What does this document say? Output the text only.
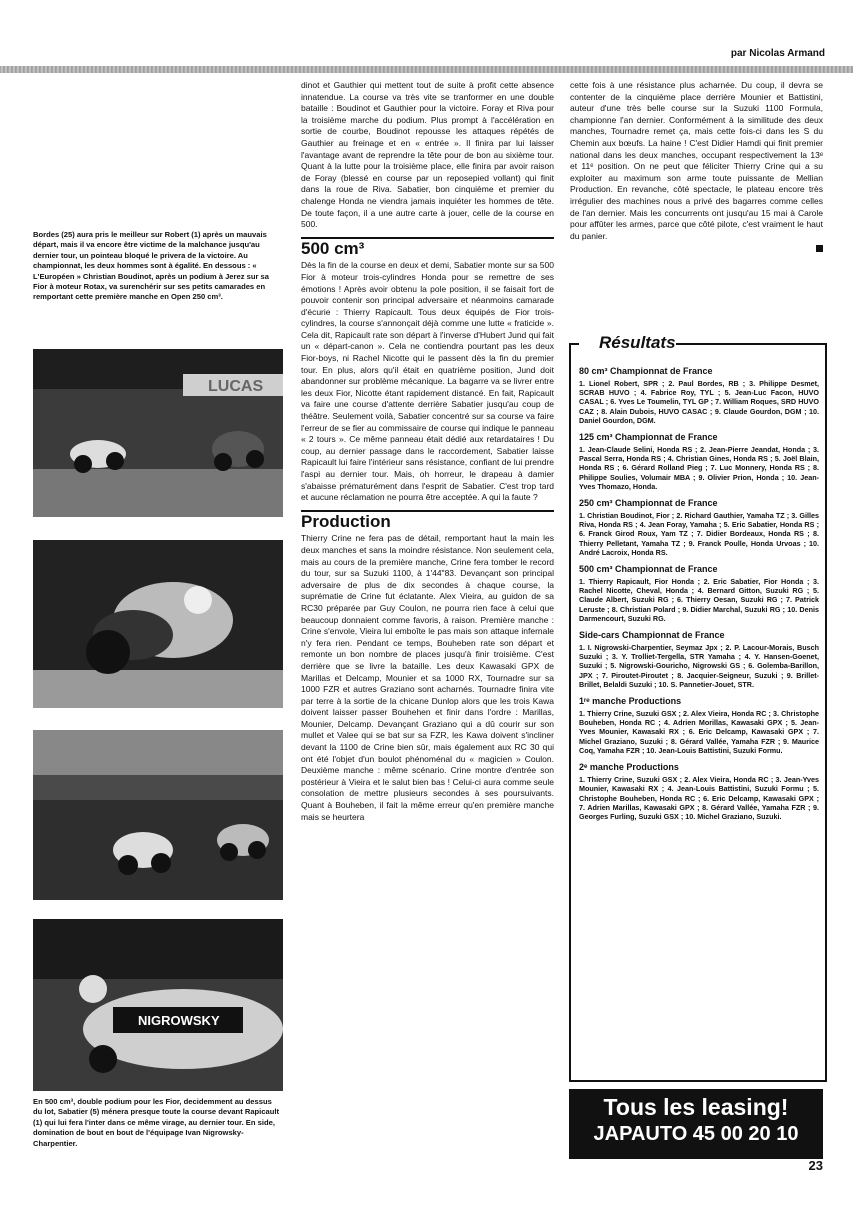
par Nicolas Armand
Bordes (25) aura pris le meilleur sur Robert (1) après un mauvais départ, mais il va encore être victime de la malchance jusqu'au dernier tour, un pointeau bloqué le privera de la victoire. Au championnat, les deux hommes sont à égalité. En dessous : « L'Européen » Christian Boudinot, après un podium à Jerez sur sa Fior à moteur Rotax, va surenchérir sur ses petits camarades en remportant cette première manche en Open 250 cm³.
LUCAS
NIGROWSKY
En 500 cm³, double podium pour les Fior, decidemment au dessus du lot, Sabatier (5) ménera presque toute la course devant Rapicault (1) qui lui fera l'inter dans ce même virage, au dernier tour. En side, domination de bout en bout de l'équipage Ivan Nigrowsky-Charpentier.

dinot et Gauthier qui mettent tout de suite à profit cette absence innatendue. La course va très vite se tranformer en une double bataille : Boudinot et Gauthier pour la victoire. Foray et Riva pour la troisième marche du podium. Plus prompt à l'accélération en sortie de courbe, Boudinot repousse les attaques répétés de Gauthier au freinage et en « entrée ». Il finira par lui laisser l'avantage avant de reprendre la tête pour de bon au sixième tour. Quant à la lutte pour la troisième place, elle finira par avoir raison de Foray (blessé en course par un reposepied vollant) qui finit dans la roue de Riva. Sabatier, bon cinquième et premier du chalenge Honda ne viendra jamais inquiéter les hommes de tête. De toute façon, il a une autre carte à jouer, celle de la course en 500.

500 cm³

Dès la fin de la course en deux et demi, Sabatier monte sur sa 500 Fior à moteur trois-cylindres Honda pour se remettre de ses émotions ! Après avoir obtenu la pole position, il se faisait fort de pouvoir contenir son principal adversaire et néanmoins camarade d'écurie : Thierry Rapicault. Tous deux équipés de Fior trois-cylindres, la course s'annonçait déjà comme une lutte « fraticide ». Cela dit, Rapicault rate son départ à l'inverse d'Hubert Jund qui fait un « départ-canon ». Cela ne contiendra pourtant pas les deux Fior-boys, ni Rachel Nicotte qui le passent dès la fin du premier tour. En plus, alors qu'il était en quatrième position, Jund doit abandonner sur problème mécanique. La bagarre va se livrer entre les deux Fior, Nicotte étant rapidement distancé. En fait, Rapicault va faire une course d'attente derrière Sabatier jusqu'au coup de théâtre. Seulement voilà, Sabatier concentré sur sa course va faire l'erreur de se fier au commissaire de course qui indique le panneau « 2 tours ». Ce même panneau était dédié aux retardataires ! Du coup, au dernier passage dans le raccordement, Sabatier laisse Rapicault lui faire l'intérieur sans résistance, confiant de lui prendre l'aspi au dernier tour. Mais, oh horreur, le drapeau à damier s'abaisse prématurément dans l'esprit de Sabatier. C'est trop tard et aucune réclamation ne pourra être acceptée. A qui la faute ?

Production

Thierry Crine ne fera pas de détail, remportant haut la main les deux manches et sans la moindre résistance. Non seulement cela, mais au cours de la première manche, Crine fera tomber le record du tour, sur sa Suzuki 1100, à 1'44"83. Devançant son principal adversaire de plus de dix secondes à chaque course, la suprématie de Crine fut éclatante. Alex Vieira, au guidon de sa RC30 préparée par Guy Coulon, ne pourra rien face à celui que beaucoup donnaient comme favoris, à raison. Première manche : Crine s'envole, Vieira lui emboîte le pas mais son attaque infernale n'y fera rien. Pendant ce temps, Bouheben rate son départ et remonte un bon nombre de places jusqu'à finir troisième. C'est derrière que se livre la bataille. Les deux Kawasaki GPX de Marillas et Delcamp, Mounier et sa 1000 RX, Tournadre sur sa 1000 FZR et autres Graziano sont acharnés. Tournadre finira vite par terre à la sortie de la chicane Dunlop alors que les trois Kawa doivent laisser passer Bouhehen et finir dans l'ordre : Marillas, Mounier, Delcamp. Devançant Graziano qui a dû courir sur son mullet et Valee qui se bat sur sa FZR, les Kawa doivent s'incliner devant la 1100 de Crine bien sûr, mais également aux RC 30 qui ont été l'objet d'un boulot phénoménal du « magicien » Coulon. Deuxième manche : même scénario. Crine montre d'entrée son postérieur à Vieira et le salut bien bas ! Celui-ci aura comme seule consolation de mettre plusieurs secondes à ses poursuivants. Quant à Bouheben, il fait la même erreur qu'en première manche mais se heurtera

cette fois à une résistance plus acharnée. Du coup, il devra se contenter de la cinquième place derrière Mounier et Battistini, auteur d'une très belle course sur la Suzuki 1100 Formula, championne l'an dernier. Conformément à la similitude des deux manches, Tournadre remet ça, mais cette fois-ci dans les S du Chemin aux bœufs. La haine ! C'est Didier Hamdi qui finit premier national dans les deux manches, occupant respectivement la 13ᵉ et 11ᵉ position. On ne peut que féliciter Thierry Crine qui a su exploiter au maximum son arme toute puissante de Mellian Production. En revanche, côté spectacle, le plateau encore très irrégulier des machines nous a privé des bagarres comme celles de l'an dernier. Mais les concurrents ont jusqu'au 15 mai à Carole pour affûter les armes, parce que côté pilote, c'est vraiment le haut du panier.

Résultats
80 cm³ Championnat de France
1. Lionel Robert, SPR ; 2. Paul Bordes, RB ; 3. Philippe Desmet, SCRAB HUVO ; 4. Fabrice Roy, TYL ; 5. Jean-Luc Facon, HUVO CASAL ; 6. Yves Le Toumelin, TYL GP ; 7. William Roques, SRD HUVO CAZ ; 8. Alain Dubois, HUVO CASAC ; 9. Claude Gourdon, DGM ; 10. Daniel Gourdon, DGM.
125 cm³ Championnat de France
1. Jean-Claude Selini, Honda RS ; 2. Jean-Pierre Jeandat, Honda ; 3. Pascal Serra, Honda RS ; 4. Christian Gines, Honda RS ; 5. Joël Blain, Honda RS ; 6. Gérard Rolland Pieg ; 7. Luc Monnery, Honda RS ; 8. Philippe Soulies, Volumair MBA ; 9. Olivier Prion, Honda ; 10. Jean-Yves Thomazo, Honda.
250 cm³ Championnat de France
1. Christian Boudinot, Fior ; 2. Richard Gauthier, Yamaha TZ ; 3. Gilles Riva, Honda RS ; 4. Jean Foray, Yamaha ; 5. Eric Sabatier, Honda RS ; 6. Franck Girod Roux, Yam TZ ; 7. Didier Bordeaux, Honda RS ; 8. Thierry Pelletant, Yamaha TZ ; 9. Franck Poulle, Honda Urvoas ; 10. André Lacroix, Honda RS.
500 cm³ Championnat de France
1. Thierry Rapicault, Fior Honda ; 2. Eric Sabatier, Fior Honda ; 3. Rachel Nicotte, Cheval, Honda ; 4. Bernard Gitton, Suzuki RG ; 5. Claude Albert, Suzuki RG ; 6. Thierry Oesan, Suzuki RG ; 7. Patrick Leruste ; 8. Christian Polard ; 9. Didier Marchal, Suzuki RG ; 10. Denis Darmencourt, Suzuki RG.
Side-cars Championnat de France
1. I. Nigrowski-Charpentier, Seymaz Jpx ; 2. P. Lacour-Morais, Busch Suzuki ; 3. Y. Trolliet-Tergella, STR Yamaha ; 4. Y. Hansen-Goenet, Suzuki ; 5. Nigrowski-Gouricho, Nigrowski GS ; 6. Golemba-Barillon, JPX ; 7. Piroutet-Piroutet ; 8. Jacquier-Seigneur, Suzuki ; 9. Brillet-Brillet, Belaldi Suzuki ; 10. S. Pannetier-Jouet, STR.
1ʳᵉ manche Productions
1. Thierry Crine, Suzuki GSX ; 2. Alex Vieira, Honda RC ; 3. Christophe Bouheben, Honda RC ; 4. Adrien Morillas, Kawasaki GPX ; 5. Jean-Yves Mounier, Kawasaki RX ; 6. Eric Delcamp, Kawasaki GPX ; 7. Michel Graziano, Suzuki ; 8. Gérard Vallée, Yamaha FZR ; 9. Maurice Coq, Yamaha FZR ; 10. Jean-Louis Battistini, Suzuki Formu.
2ᵉ manche Productions
1. Thierry Crine, Suzuki GSX ; 2. Alex Vieira, Honda RC ; 3. Jean-Yves Mounier, Kawasaki RX ; 4. Jean-Louis Battistini, Suzuki Formu ; 5. Christophe Bouheben, Honda RC ; 6. Eric Delcamp, Kawasaki GPX ; 7. Adrien Marillas, Kawasaki GPX ; 8. Gérard Vallée, Yamaha FZR ; 9. Georges Furling, Suzuki GSX ; 10. Michel Graziano, Suzuki.
Tous les leasing!
JAPAUTO 45 00 20 10
23
